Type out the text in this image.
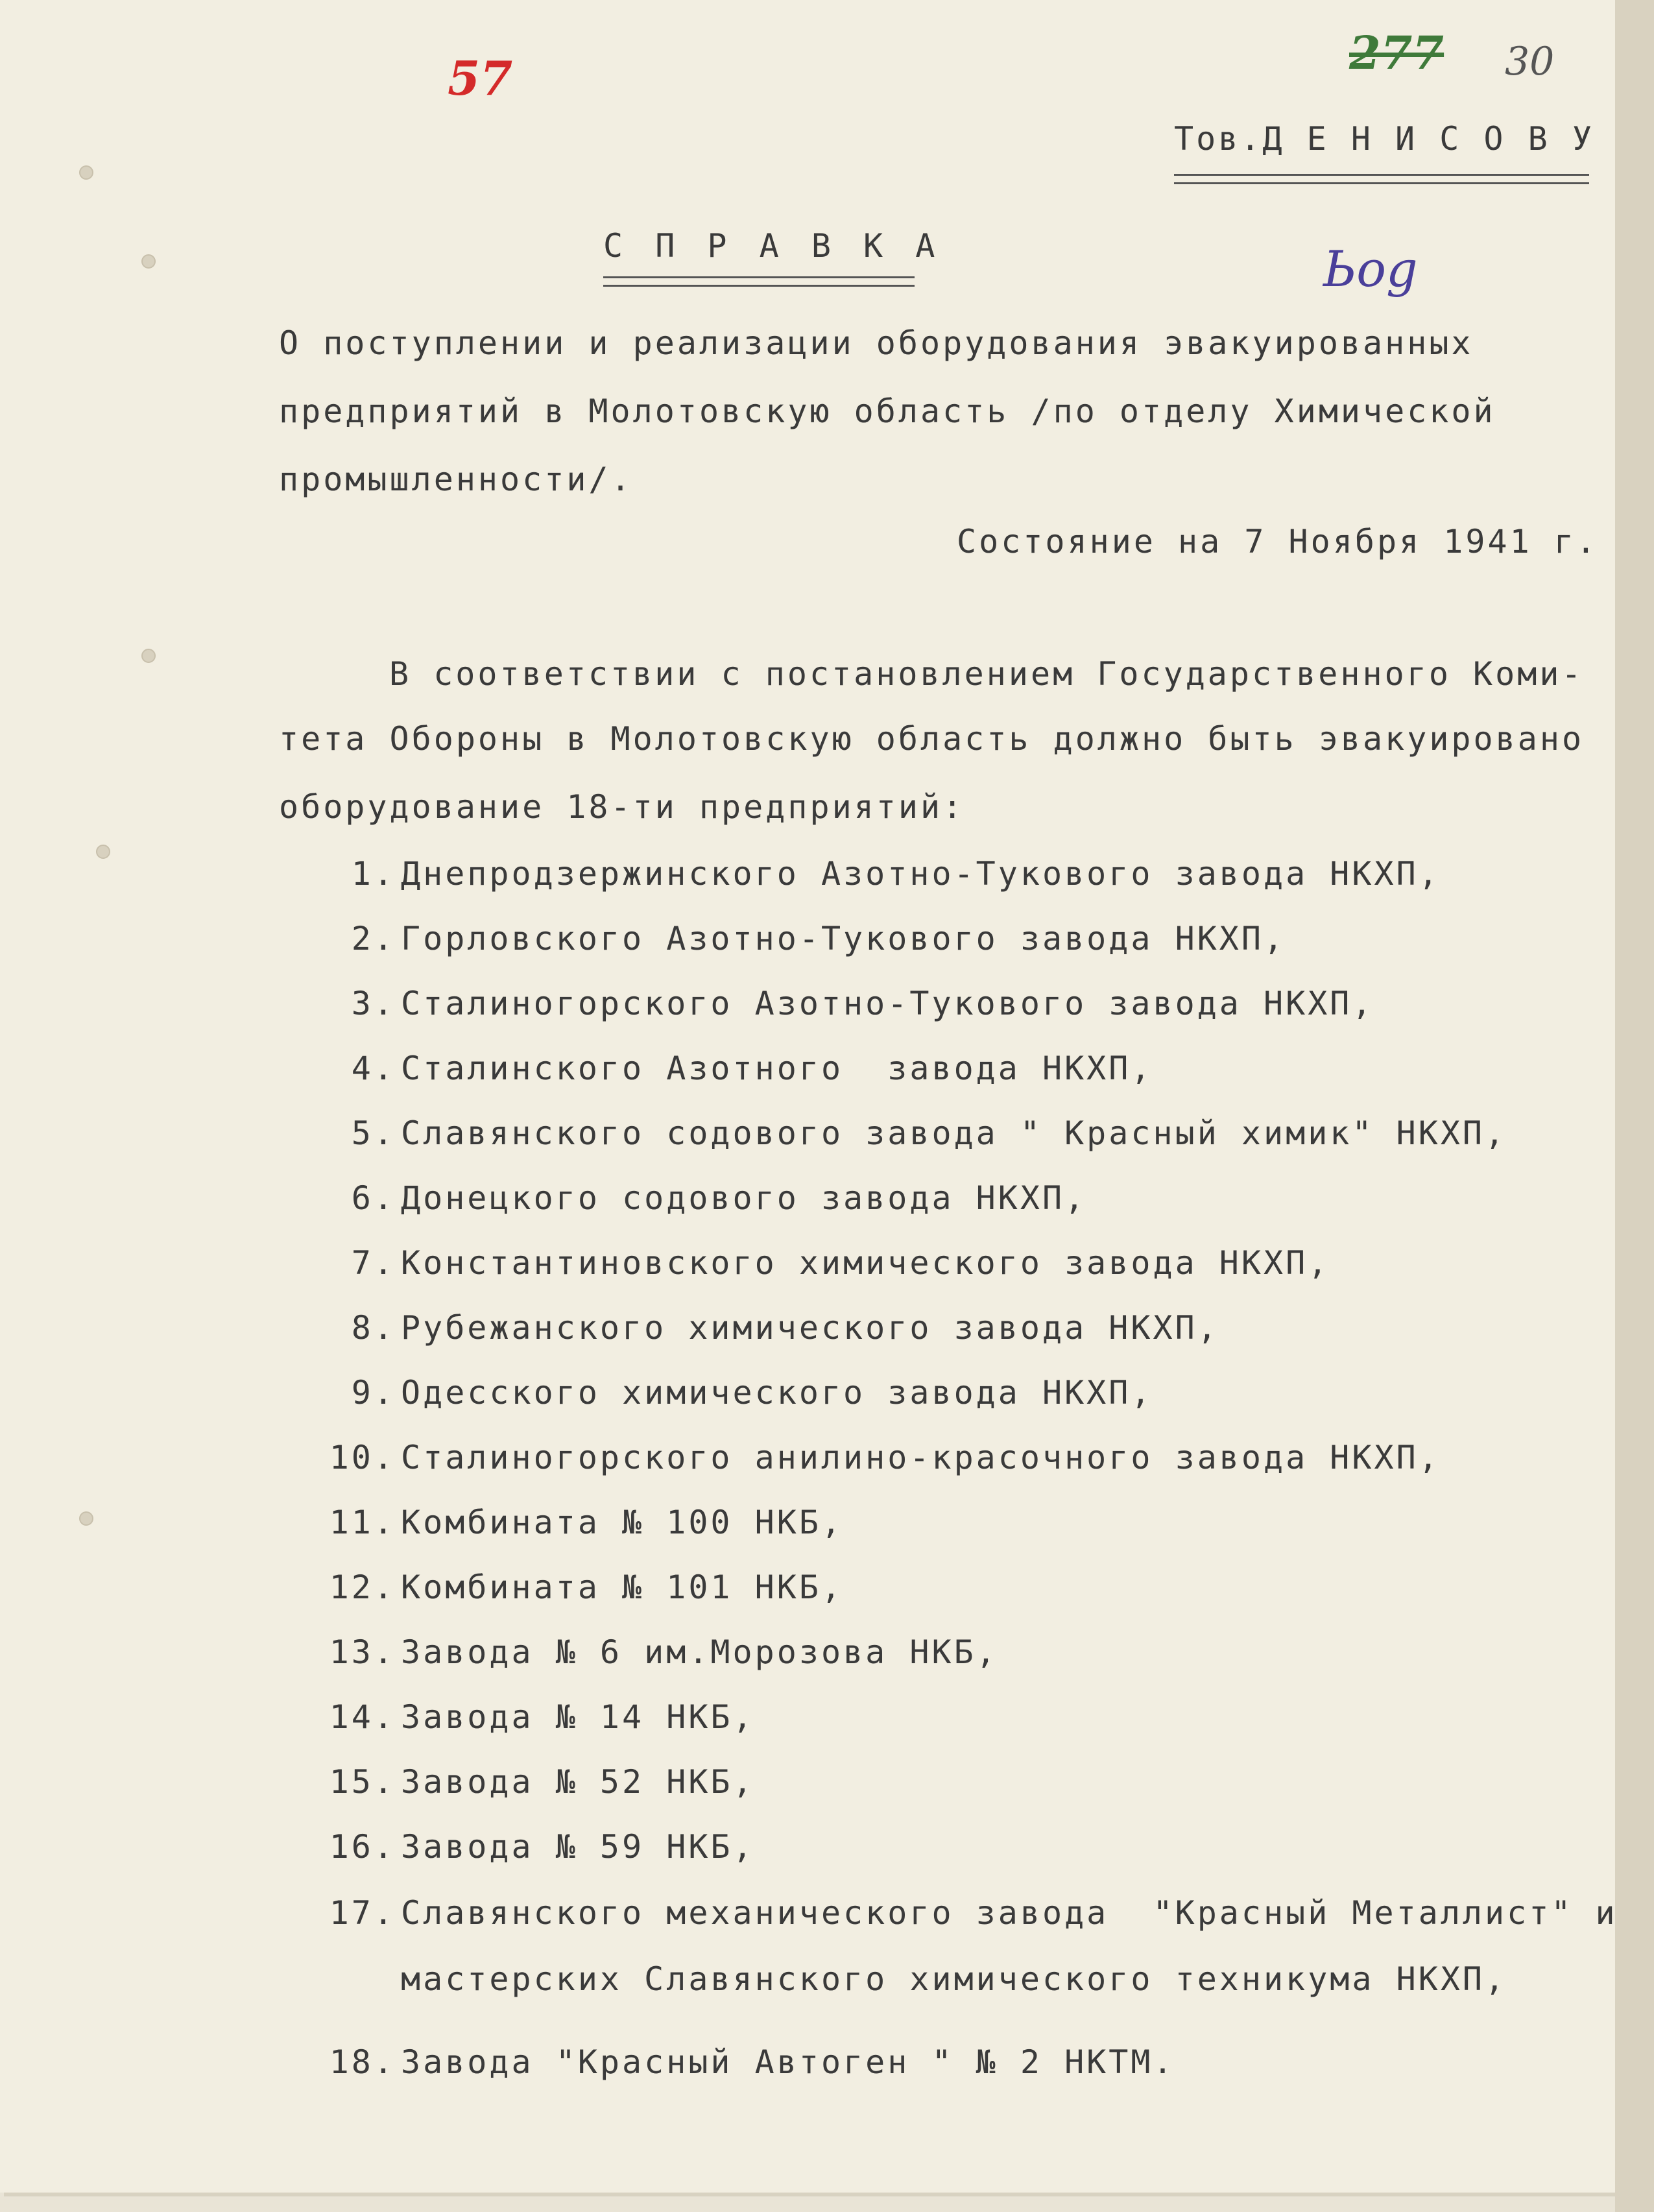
57	277 30
Ьоg
Тов.Д Е Н И С О В У
С П Р А В К А
О поступлении и реализации оборудования эвакуированных
предприятий в Молотовскую область /по отделу Химической
промышленности/.
Состояние на 7 Ноября 1941 г.
В соответствии с постановлением Государственного Коми-
тета Обороны в Молотовскую область должно быть эвакуировано
оборудование 18-ти предприятий:
1. Днепродзержинского Азотно-Тукового завода НКХП,
2. Горловского Азотно-Тукового завода НКХП,
3. Сталиногорского Азотно-Тукового завода НКХП,
4. Сталинского Азотного  завода НКХП,
5. Славянского содового завода " Красный химик" НКХП,
6. Донецкого содового завода НКХП,
7. Константиновского химического завода НКХП,
8. Рубежанского химического завода НКХП,
9. Одесского химического завода НКХП,
10. Сталиногорского анилино-красочного завода НКХП,
11. Комбината № 100 НКБ,
12. Комбината № 101 НКБ,
13. Завода № 6 им.Морозова НКБ,
14. Завода № 14 НКБ,
15. Завода № 52 НКБ,
16. Завода № 59 НКБ,
17. Славянского механического завода  "Красный Металлист" и
мастерских Славянского химического техникума НКХП,
18. Завода "Красный Автоген " № 2 НКТМ.
